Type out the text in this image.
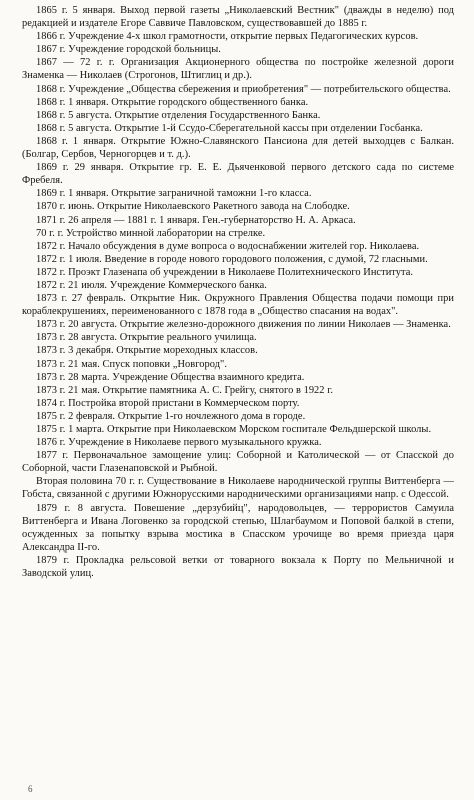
1865 г. 5 января. Выход первой газеты „Николаевский Вестник" (дважды в неделю) под редакцией и издателе Егоре Саввиче Павловском, существовавшей до 1885 г.

1866 г. Учреждение 4-х школ грамотности, открытие первых Педагогических курсов.

1867 г. Учреждение городской больницы.

1867 — 72 г. г. Организация Акционерного общества по постройке железной дороги Знаменка — Николаев (Строгонов, Штиглиц и др.).

1868 г. Учреждение „Общества сбережения и приобретения" — потребительского общества.

1868 г. 1 января. Открытие городского общественного банка.

1868 г. 5 августа. Открытие отделения Государственного Банка.

1868 г. 5 августа. Открытие 1-й Ссудо-Сберегательной кассы при отделении Госбанка.

1868 г. 1 января. Открытие Южно-Славянского Пансиона для детей выходцев с Балкан. (Болгар, Сербов, Черногорцев и т. д.).

1869 г. 29 января. Открытие гр. Е. Е. Дьяченковой первого детского сада по системе Фребеля.

1869 г. 1 января. Открытие заграничной таможни 1-го класса.

1870 г. июнь. Открытие Николаевского Ракетного завода на Слободке.

1871 г. 26 апреля — 1881 г. 1 января. Ген.-губернаторство Н. А. Аркаса.

70 г. г. Устройство минной лаборатории на стрелке.

1872 г. Начало обсуждения в думе вопроса о водоснабжении жителей гор. Николаева.

1872 г. 1 июля. Введение в городе нового городового положения, с думой, 72 гласными.

1872 г. Проэкт Глазенапа об учреждении в Николаеве Политехнического Института.

1872 г. 21 июля. Учреждение Коммерческого банка.

1873 г. 27 февраль. Открытие Ник. Окружного Правления Общества подачи помощи при кораблекрушениях, переименованного с 1878 года в „Общество спасания на водах".

1873 г. 20 августа. Открытие железно-дорожного движения по линии Николаев — Знаменка.

1873 г. 28 августа. Открытие реального училища.

1873 г. 3 декабря. Открытие мореходных классов.

1873 г. 21 мая. Спуск поповки „Новгород".

1873 г. 28 марта. Учреждение Общества взаимного кредита.

1873 г. 21 мая. Открытие памятника А. С. Грейгу, снятого в 1922 г.

1874 г. Постройка второй пристани в Коммерческом порту.

1875 г. 2 февраля. Открытие 1-го ночлежного дома в городе.

1875 г. 1 марта. Открытие при Николаевском Морском госпитале Фельдшерской школы.

1876 г. Учреждение в Николаеве первого музыкального кружка.

1877 г. Первоначальное замощение улиц: Соборной и Католической — от Спасской до Соборной, части Глазенаповской и Рыбной.

Вторая половина 70 г. г. Существование в Николаеве народнической группы Виттенберга — Гобста, связанной с другими Южнорусскими народническими организациями напр. с Одессой.

1879 г. 8 августа. Повешение „дерзубийц", народовольцев, — террористов Самуила Виттенберга и Ивана Логовенко за городской степью, Шлагбаумом и Поповой балкой в степи, осужденных за попытку взрыва мостика в Спасском урочище во время приезда царя Александра II-го.

1879 г. Прокладка рельсовой ветки от товарного вокзала к Порту по Мельничной и Заводской улиц.

6
